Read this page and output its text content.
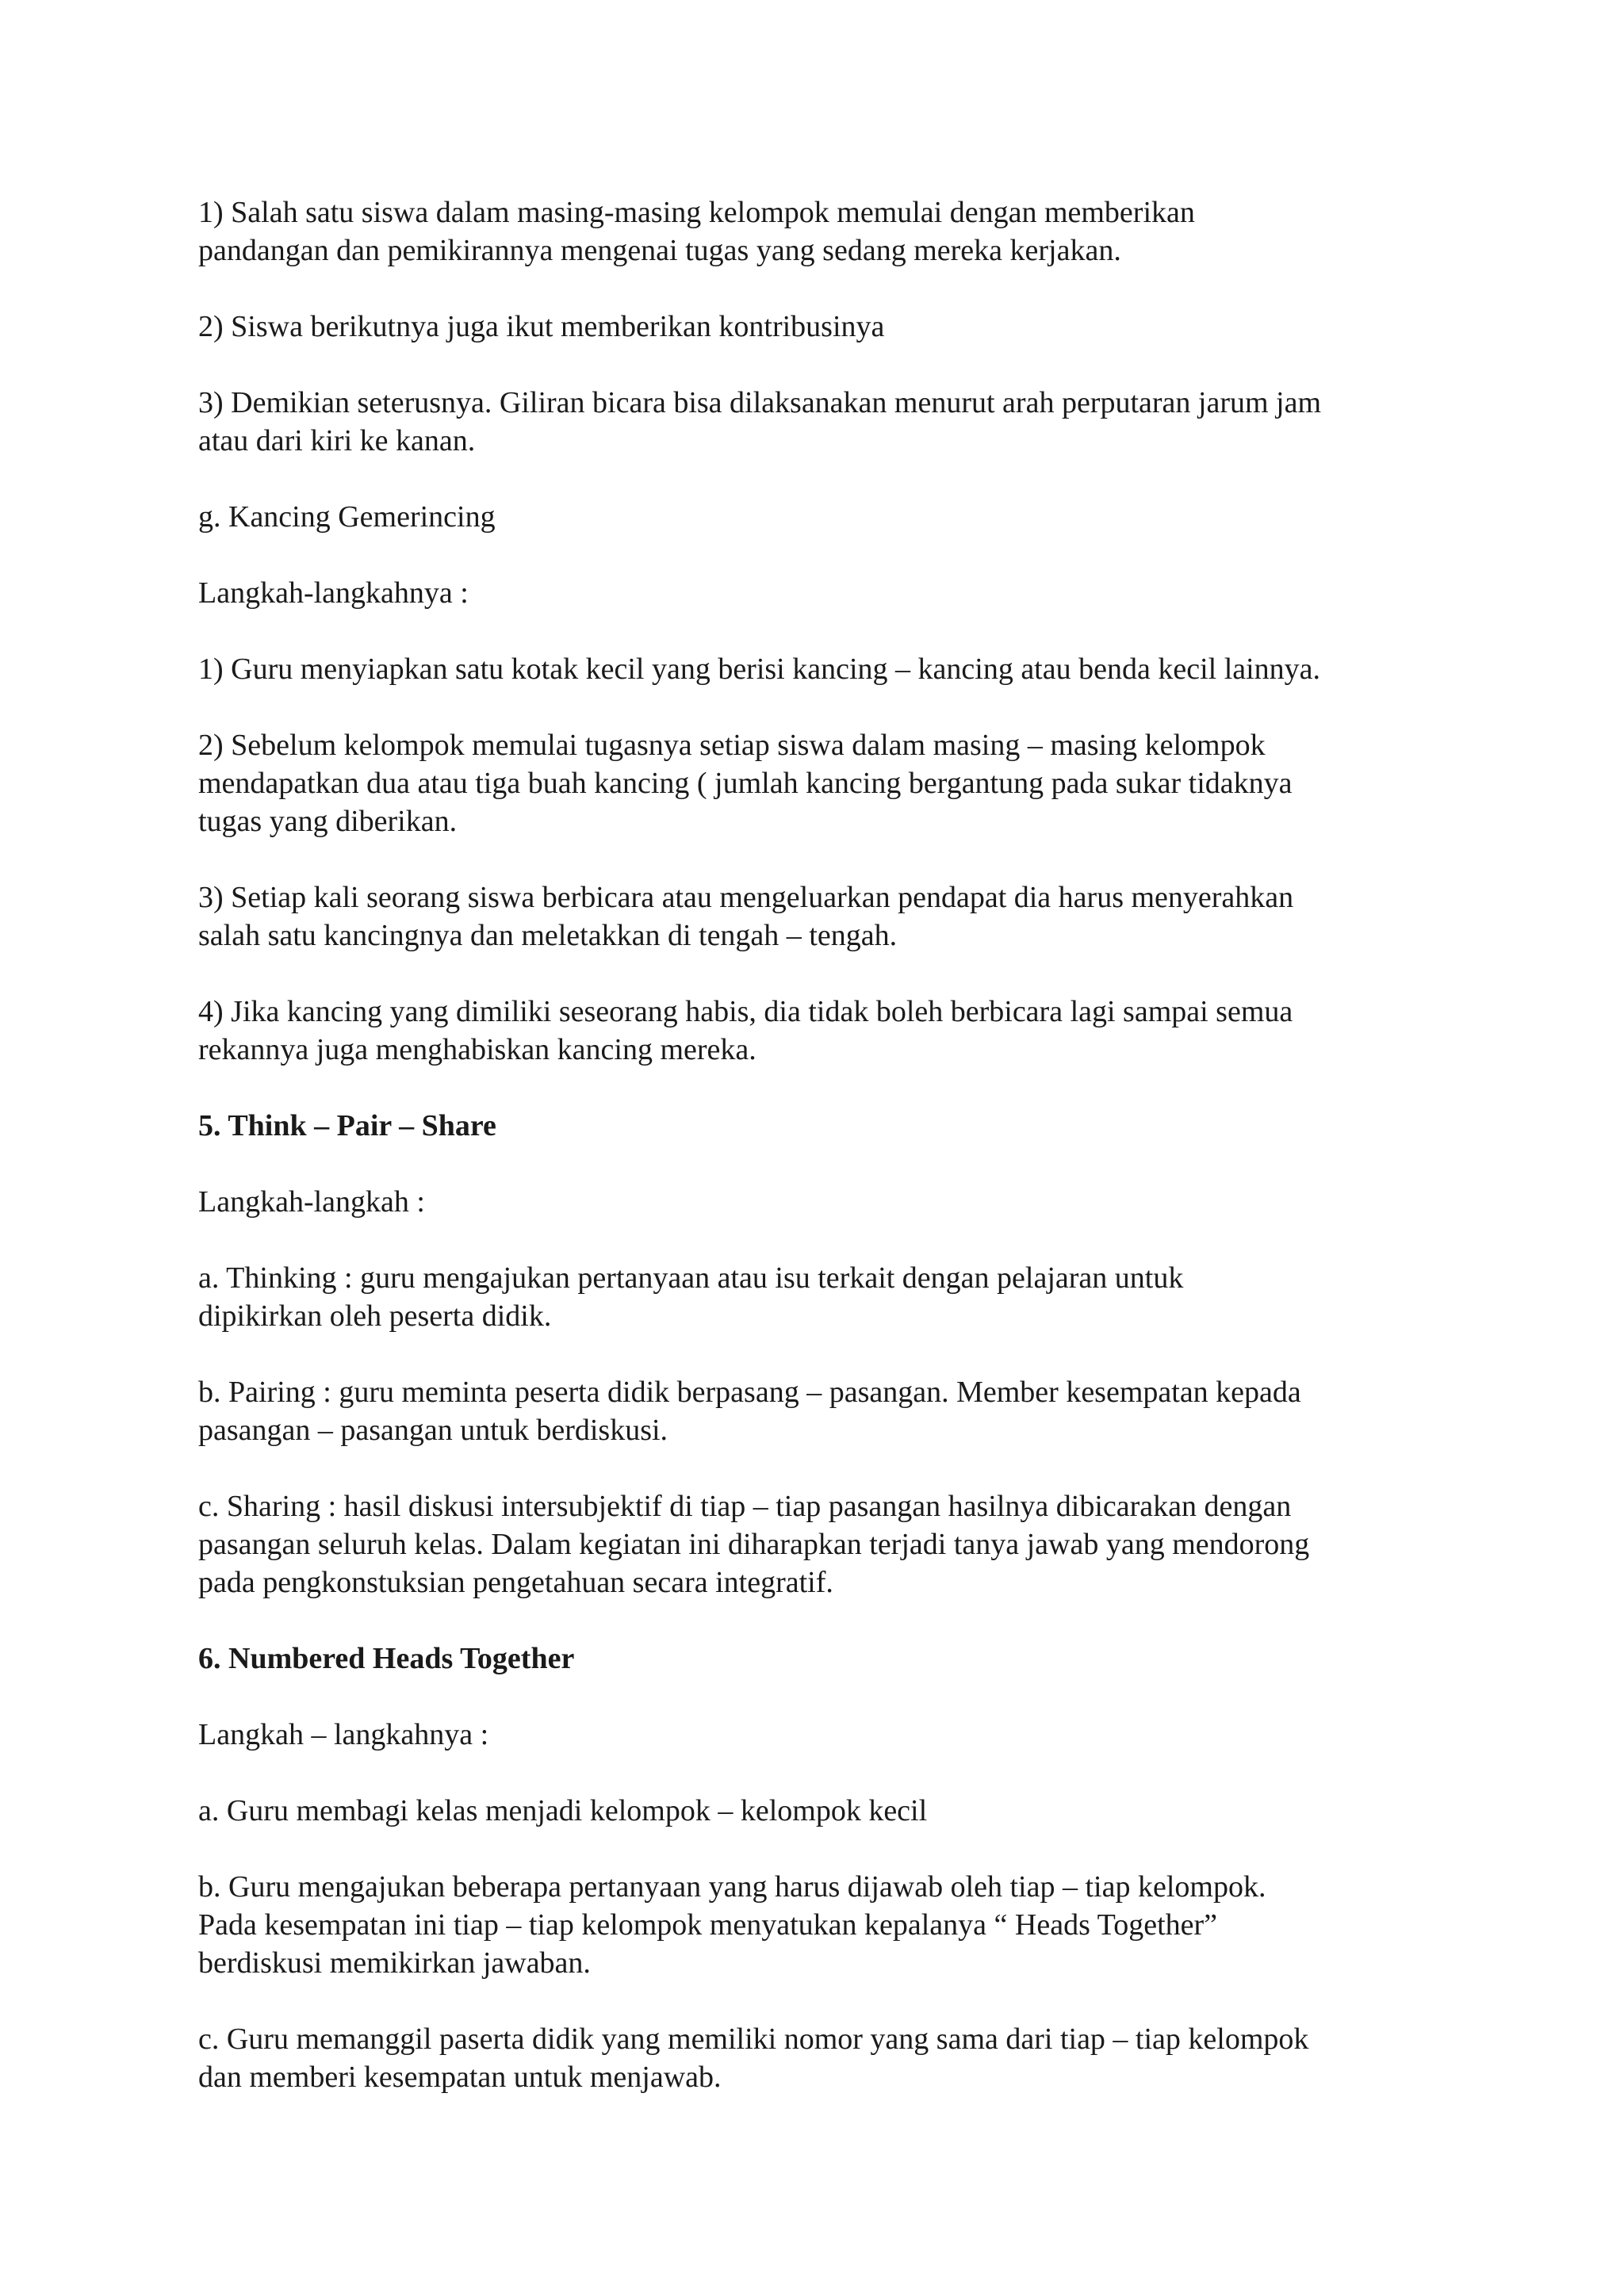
1) Salah satu siswa dalam masing-masing kelompok memulai dengan memberikan
pandangan dan pemikirannya mengenai tugas yang sedang mereka kerjakan.

2) Siswa berikutnya juga ikut memberikan kontribusinya

3) Demikian seterusnya. Giliran bicara bisa dilaksanakan menurut arah perputaran jarum jam
atau dari kiri ke kanan.

g. Kancing Gemerincing

Langkah-langkahnya :

1) Guru menyiapkan satu kotak kecil yang berisi kancing – kancing atau benda kecil lainnya.

2) Sebelum kelompok memulai tugasnya setiap siswa dalam masing – masing kelompok
mendapatkan dua atau tiga buah kancing ( jumlah kancing bergantung pada sukar tidaknya
tugas yang diberikan.

3) Setiap kali seorang siswa berbicara atau mengeluarkan pendapat dia harus menyerahkan
salah satu kancingnya dan meletakkan di tengah – tengah.

4) Jika kancing yang dimiliki seseorang habis, dia tidak boleh berbicara lagi sampai semua
rekannya juga menghabiskan kancing mereka.

5. Think – Pair – Share

Langkah-langkah :

a. Thinking : guru mengajukan pertanyaan atau isu terkait dengan pelajaran untuk
dipikirkan oleh peserta didik.

b. Pairing : guru meminta peserta didik berpasang – pasangan. Member kesempatan kepada
pasangan – pasangan untuk berdiskusi.

c. Sharing : hasil diskusi intersubjektif di tiap – tiap pasangan hasilnya dibicarakan dengan
pasangan seluruh kelas. Dalam kegiatan ini diharapkan terjadi tanya jawab yang mendorong
pada pengkonstuksian pengetahuan secara integratif.

6. Numbered Heads Together

Langkah – langkahnya :

a. Guru membagi kelas menjadi kelompok – kelompok kecil

b. Guru mengajukan beberapa pertanyaan yang harus dijawab oleh tiap – tiap kelompok.
Pada kesempatan ini tiap – tiap kelompok menyatukan kepalanya “ Heads Together”
berdiskusi memikirkan jawaban.

c. Guru memanggil paserta didik yang memiliki nomor yang sama dari tiap – tiap kelompok
dan memberi kesempatan untuk menjawab.
